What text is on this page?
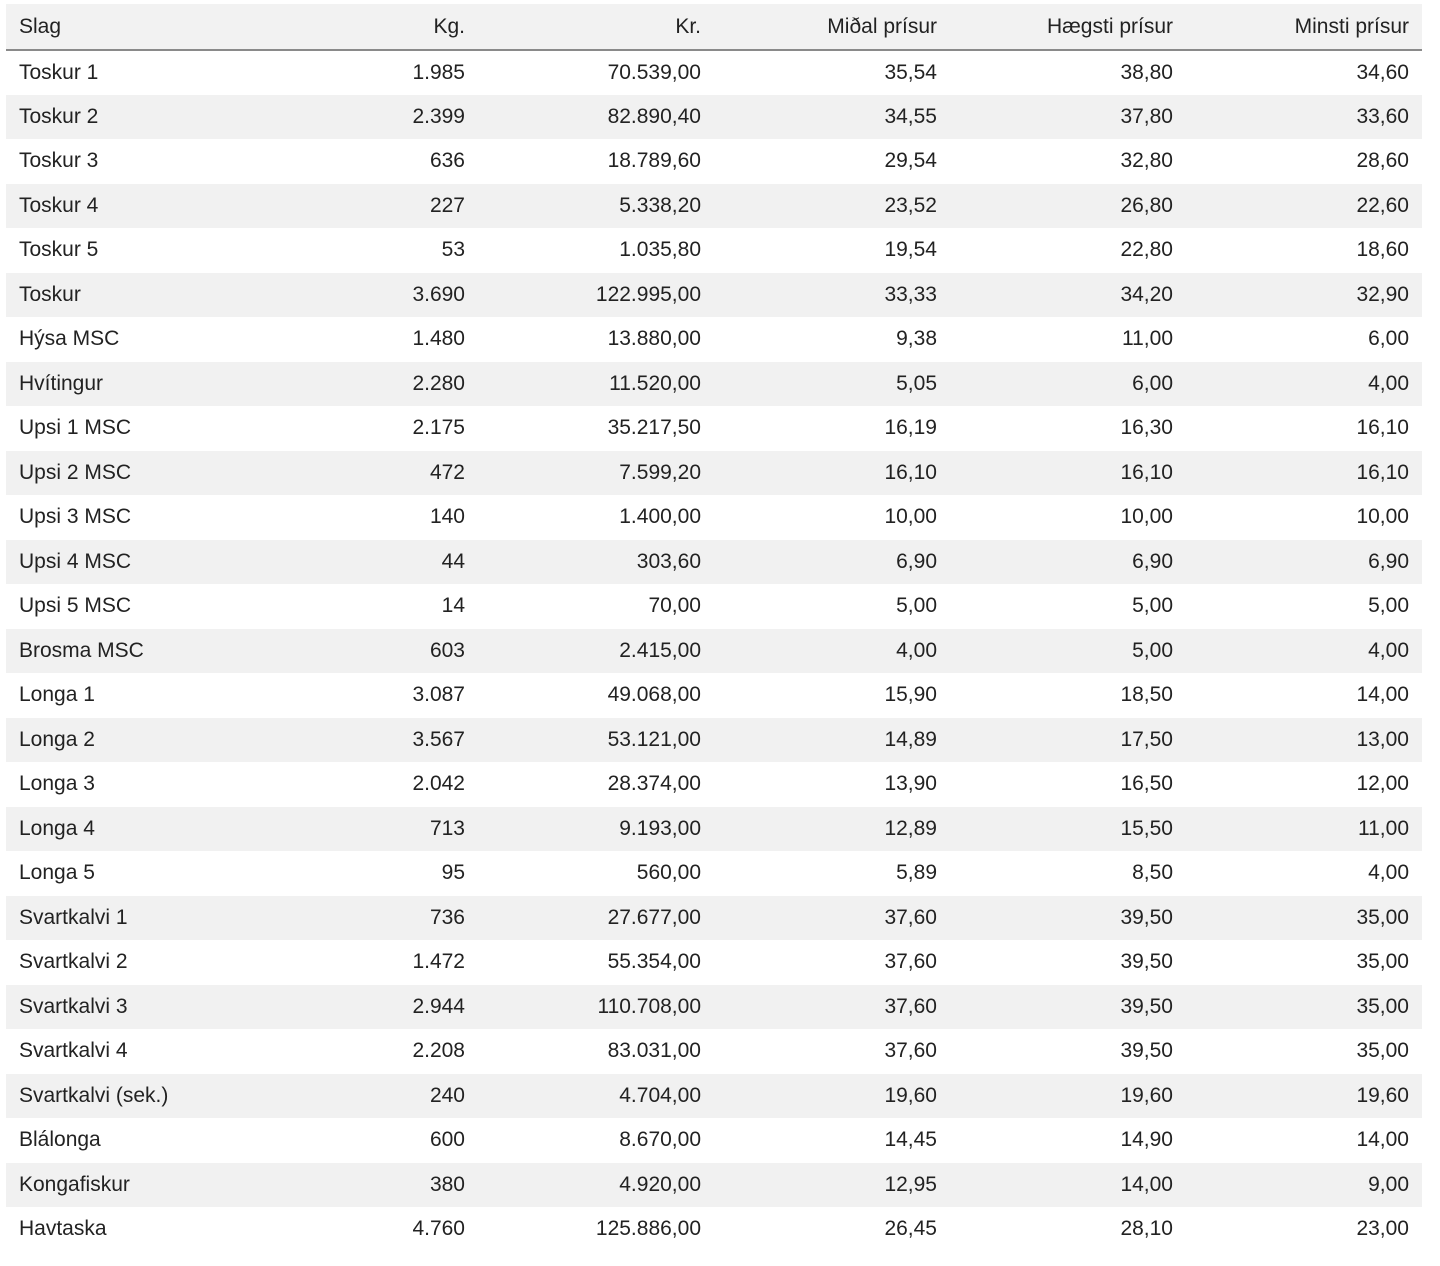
Slag	Kg.	Kr.	Miðal prísur	Hægsti prísur	Minsti prísur
Toskur 1	1.985	70.539,00	35,54	38,80	34,60
Toskur 2	2.399	82.890,40	34,55	37,80	33,60
Toskur 3	636	18.789,60	29,54	32,80	28,60
Toskur 4	227	5.338,20	23,52	26,80	22,60
Toskur 5	53	1.035,80	19,54	22,80	18,60
Toskur	3.690	122.995,00	33,33	34,20	32,90
Hýsa MSC	1.480	13.880,00	9,38	11,00	6,00
Hvítingur	2.280	11.520,00	5,05	6,00	4,00
Upsi 1 MSC	2.175	35.217,50	16,19	16,30	16,10
Upsi 2 MSC	472	7.599,20	16,10	16,10	16,10
Upsi 3 MSC	140	1.400,00	10,00	10,00	10,00
Upsi 4 MSC	44	303,60	6,90	6,90	6,90
Upsi 5 MSC	14	70,00	5,00	5,00	5,00
Brosma MSC	603	2.415,00	4,00	5,00	4,00
Longa 1	3.087	49.068,00	15,90	18,50	14,00
Longa 2	3.567	53.121,00	14,89	17,50	13,00
Longa 3	2.042	28.374,00	13,90	16,50	12,00
Longa 4	713	9.193,00	12,89	15,50	11,00
Longa 5	95	560,00	5,89	8,50	4,00
Svartkalvi 1	736	27.677,00	37,60	39,50	35,00
Svartkalvi 2	1.472	55.354,00	37,60	39,50	35,00
Svartkalvi 3	2.944	110.708,00	37,60	39,50	35,00
Svartkalvi 4	2.208	83.031,00	37,60	39,50	35,00
Svartkalvi (sek.)	240	4.704,00	19,60	19,60	19,60
Blálonga	600	8.670,00	14,45	14,90	14,00
Kongafiskur	380	4.920,00	12,95	14,00	9,00
Havtaska	4.760	125.886,00	26,45	28,10	23,00
